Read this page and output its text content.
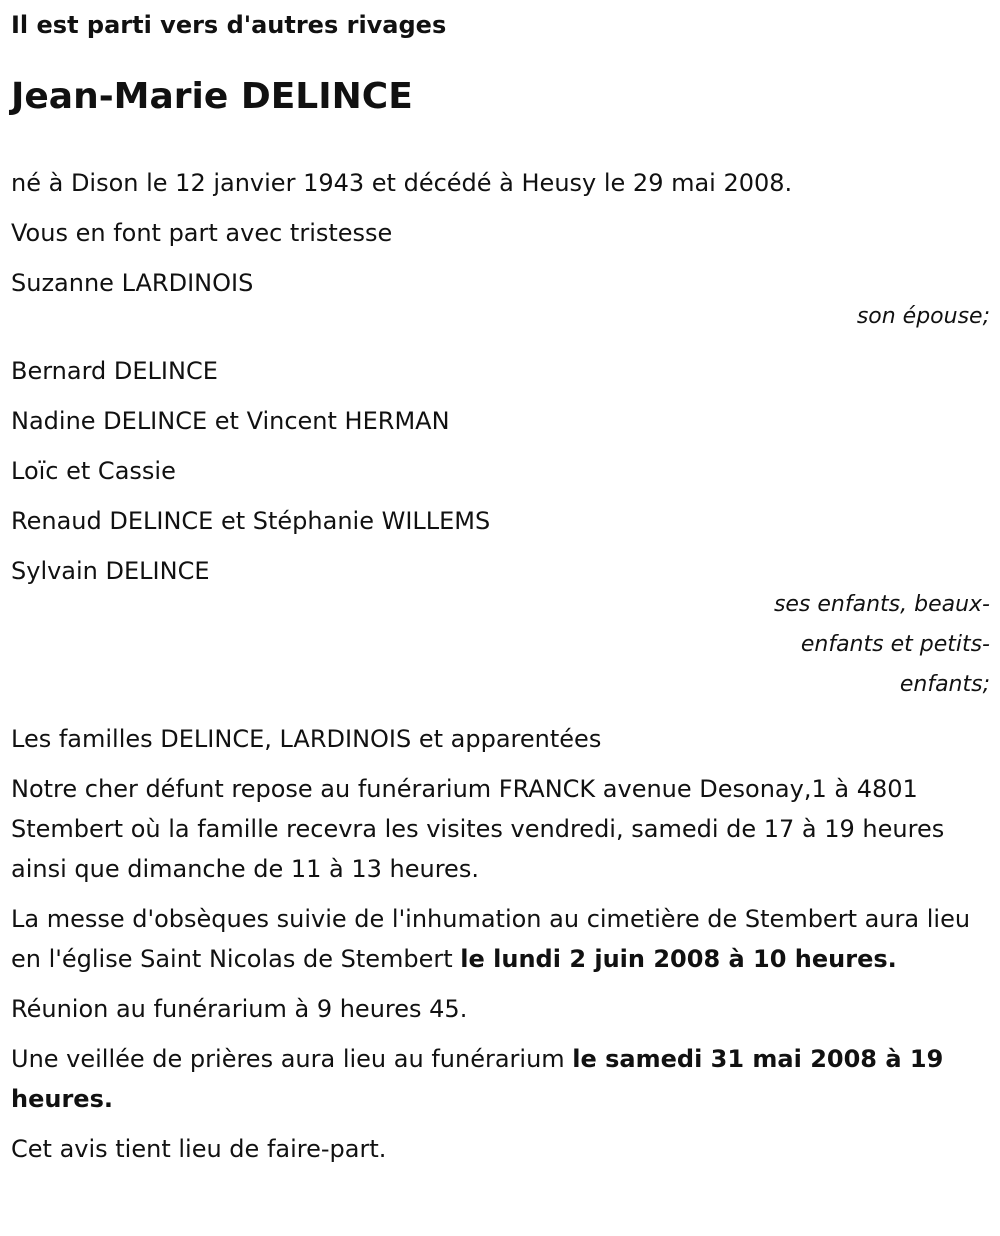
Il est parti vers d'autres rivages
Jean-Marie DELINCE

né à Dison le 12 janvier 1943 et décédé à Heusy le 29 mai 2008.

Vous en font part avec tristesse

Suzanne LARDINOIS

son épouse;

Bernard DELINCE

Nadine DELINCE et Vincent HERMAN

Loïc et Cassie

Renaud DELINCE et Stéphanie WILLEMS

Sylvain DELINCE

ses enfants, beaux-
enfants et petits-
enfants;

Les familles DELINCE, LARDINOIS et apparentées

Notre cher défunt repose au funérarium FRANCK avenue Desonay,1 à 4801 Stembert où la famille recevra les visites vendredi, samedi de 17 à 19 heures ainsi que dimanche de 11 à 13 heures.

La messe d'obsèques suivie de l'inhumation au cimetière de Stembert aura lieu en l'église Saint Nicolas de Stembert le lundi 2 juin 2008 à 10 heures.

Réunion au funérarium à 9 heures 45.

Une veillée de prières aura lieu au funérarium le samedi 31 mai 2008 à 19 heures.

Cet avis tient lieu de faire-part.
